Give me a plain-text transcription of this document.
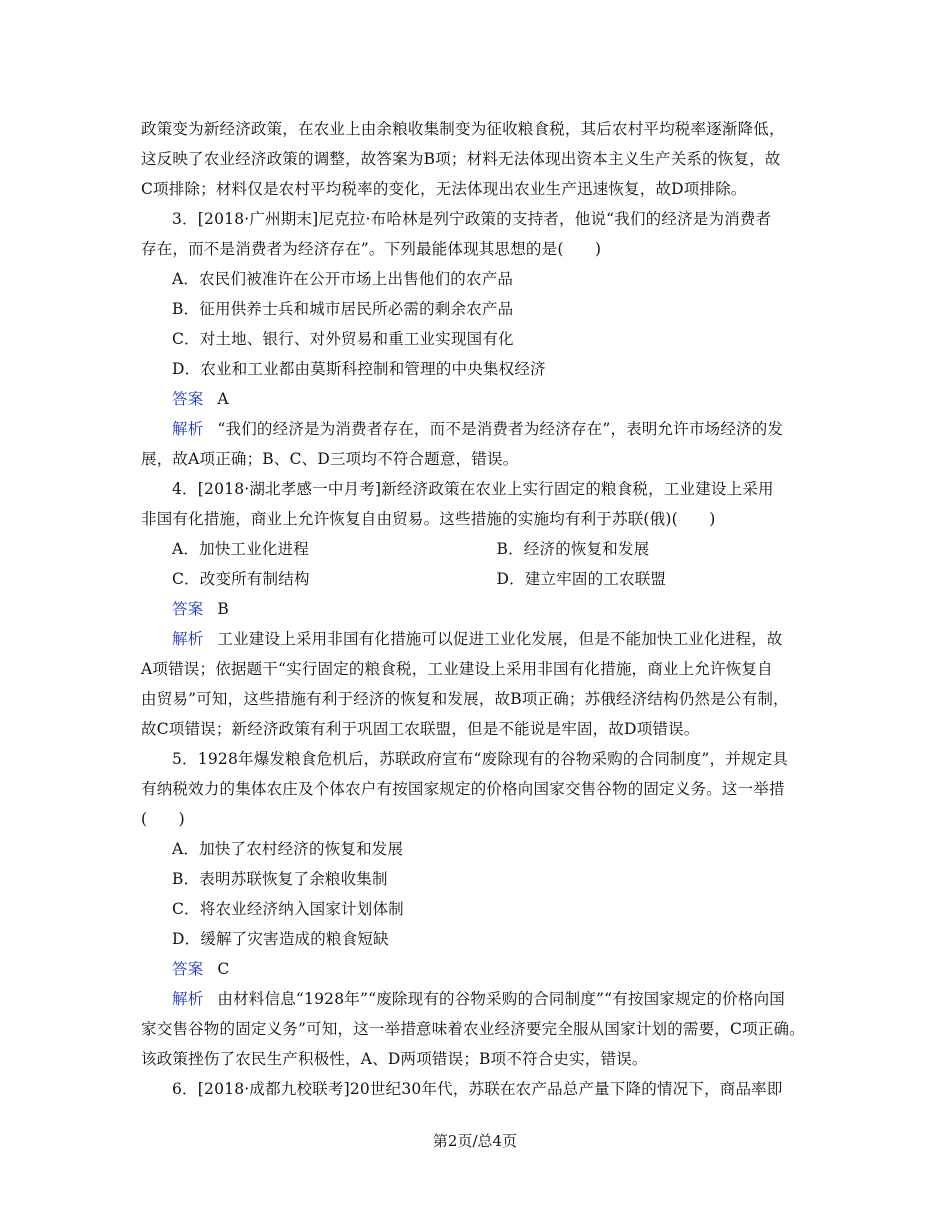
政策变为新经济政策，在农业上由余粮收集制变为征收粮食税，其后农村平均税率逐渐降低，
这反映了农业经济政策的调整，故答案为B项；材料无法体现出资本主义生产关系的恢复，故
C项排除；材料仅是农村平均税率的变化，无法体现出农业生产迅速恢复，故D项排除。
3．[2018·广州期末]尼克拉·布哈林是列宁政策的支持者，他说“我们的经济是为消费者
存在，而不是消费者为经济存在”。下列最能体现其思想的是(　　)
A．农民们被准许在公开市场上出售他们的农产品
B．征用供养士兵和城市居民所必需的剩余农产品
C．对土地、银行、对外贸易和重工业实现国有化
D．农业和工业都由莫斯科控制和管理的中央集权经济
答案 A
解析 “我们的经济是为消费者存在，而不是消费者为经济存在”，表明允许市场经济的发
展，故A项正确；B、C、D三项均不符合题意，错误。
4．[2018·湖北孝感一中月考]新经济政策在农业上实行固定的粮食税，工业建设上采用
非国有化措施，商业上允许恢复自由贸易。这些措施的实施均有利于苏联(俄)(　　)
A．加快工业化进程	B．经济的恢复和发展
C．改变所有制结构	D．建立牢固的工农联盟
答案 B
解析 工业建设上采用非国有化措施可以促进工业化发展，但是不能加快工业化进程，故
A项错误；依据题干“实行固定的粮食税，工业建设上采用非国有化措施，商业上允许恢复自
由贸易”可知，这些措施有利于经济的恢复和发展，故B项正确；苏俄经济结构仍然是公有制，
故C项错误；新经济政策有利于巩固工农联盟，但是不能说是牢固，故D项错误。
5．1928年爆发粮食危机后，苏联政府宣布“废除现有的谷物采购的合同制度”，并规定具
有纳税效力的集体农庄及个体农户有按国家规定的价格向国家交售谷物的固定义务。这一举措
(　　)
A．加快了农村经济的恢复和发展
B．表明苏联恢复了余粮收集制
C．将农业经济纳入国家计划体制
D．缓解了灾害造成的粮食短缺
答案 C
解析 由材料信息“1928年”“废除现有的谷物采购的合同制度”“有按国家规定的价格向国
家交售谷物的固定义务”可知，这一举措意味着农业经济要完全服从国家计划的需要，C项正确。
该政策挫伤了农民生产积极性，A、D两项错误；B项不符合史实，错误。
6．[2018·成都九校联考]20世纪30年代，苏联在农产品总产量下降的情况下，商品率即
第2页/总4页
